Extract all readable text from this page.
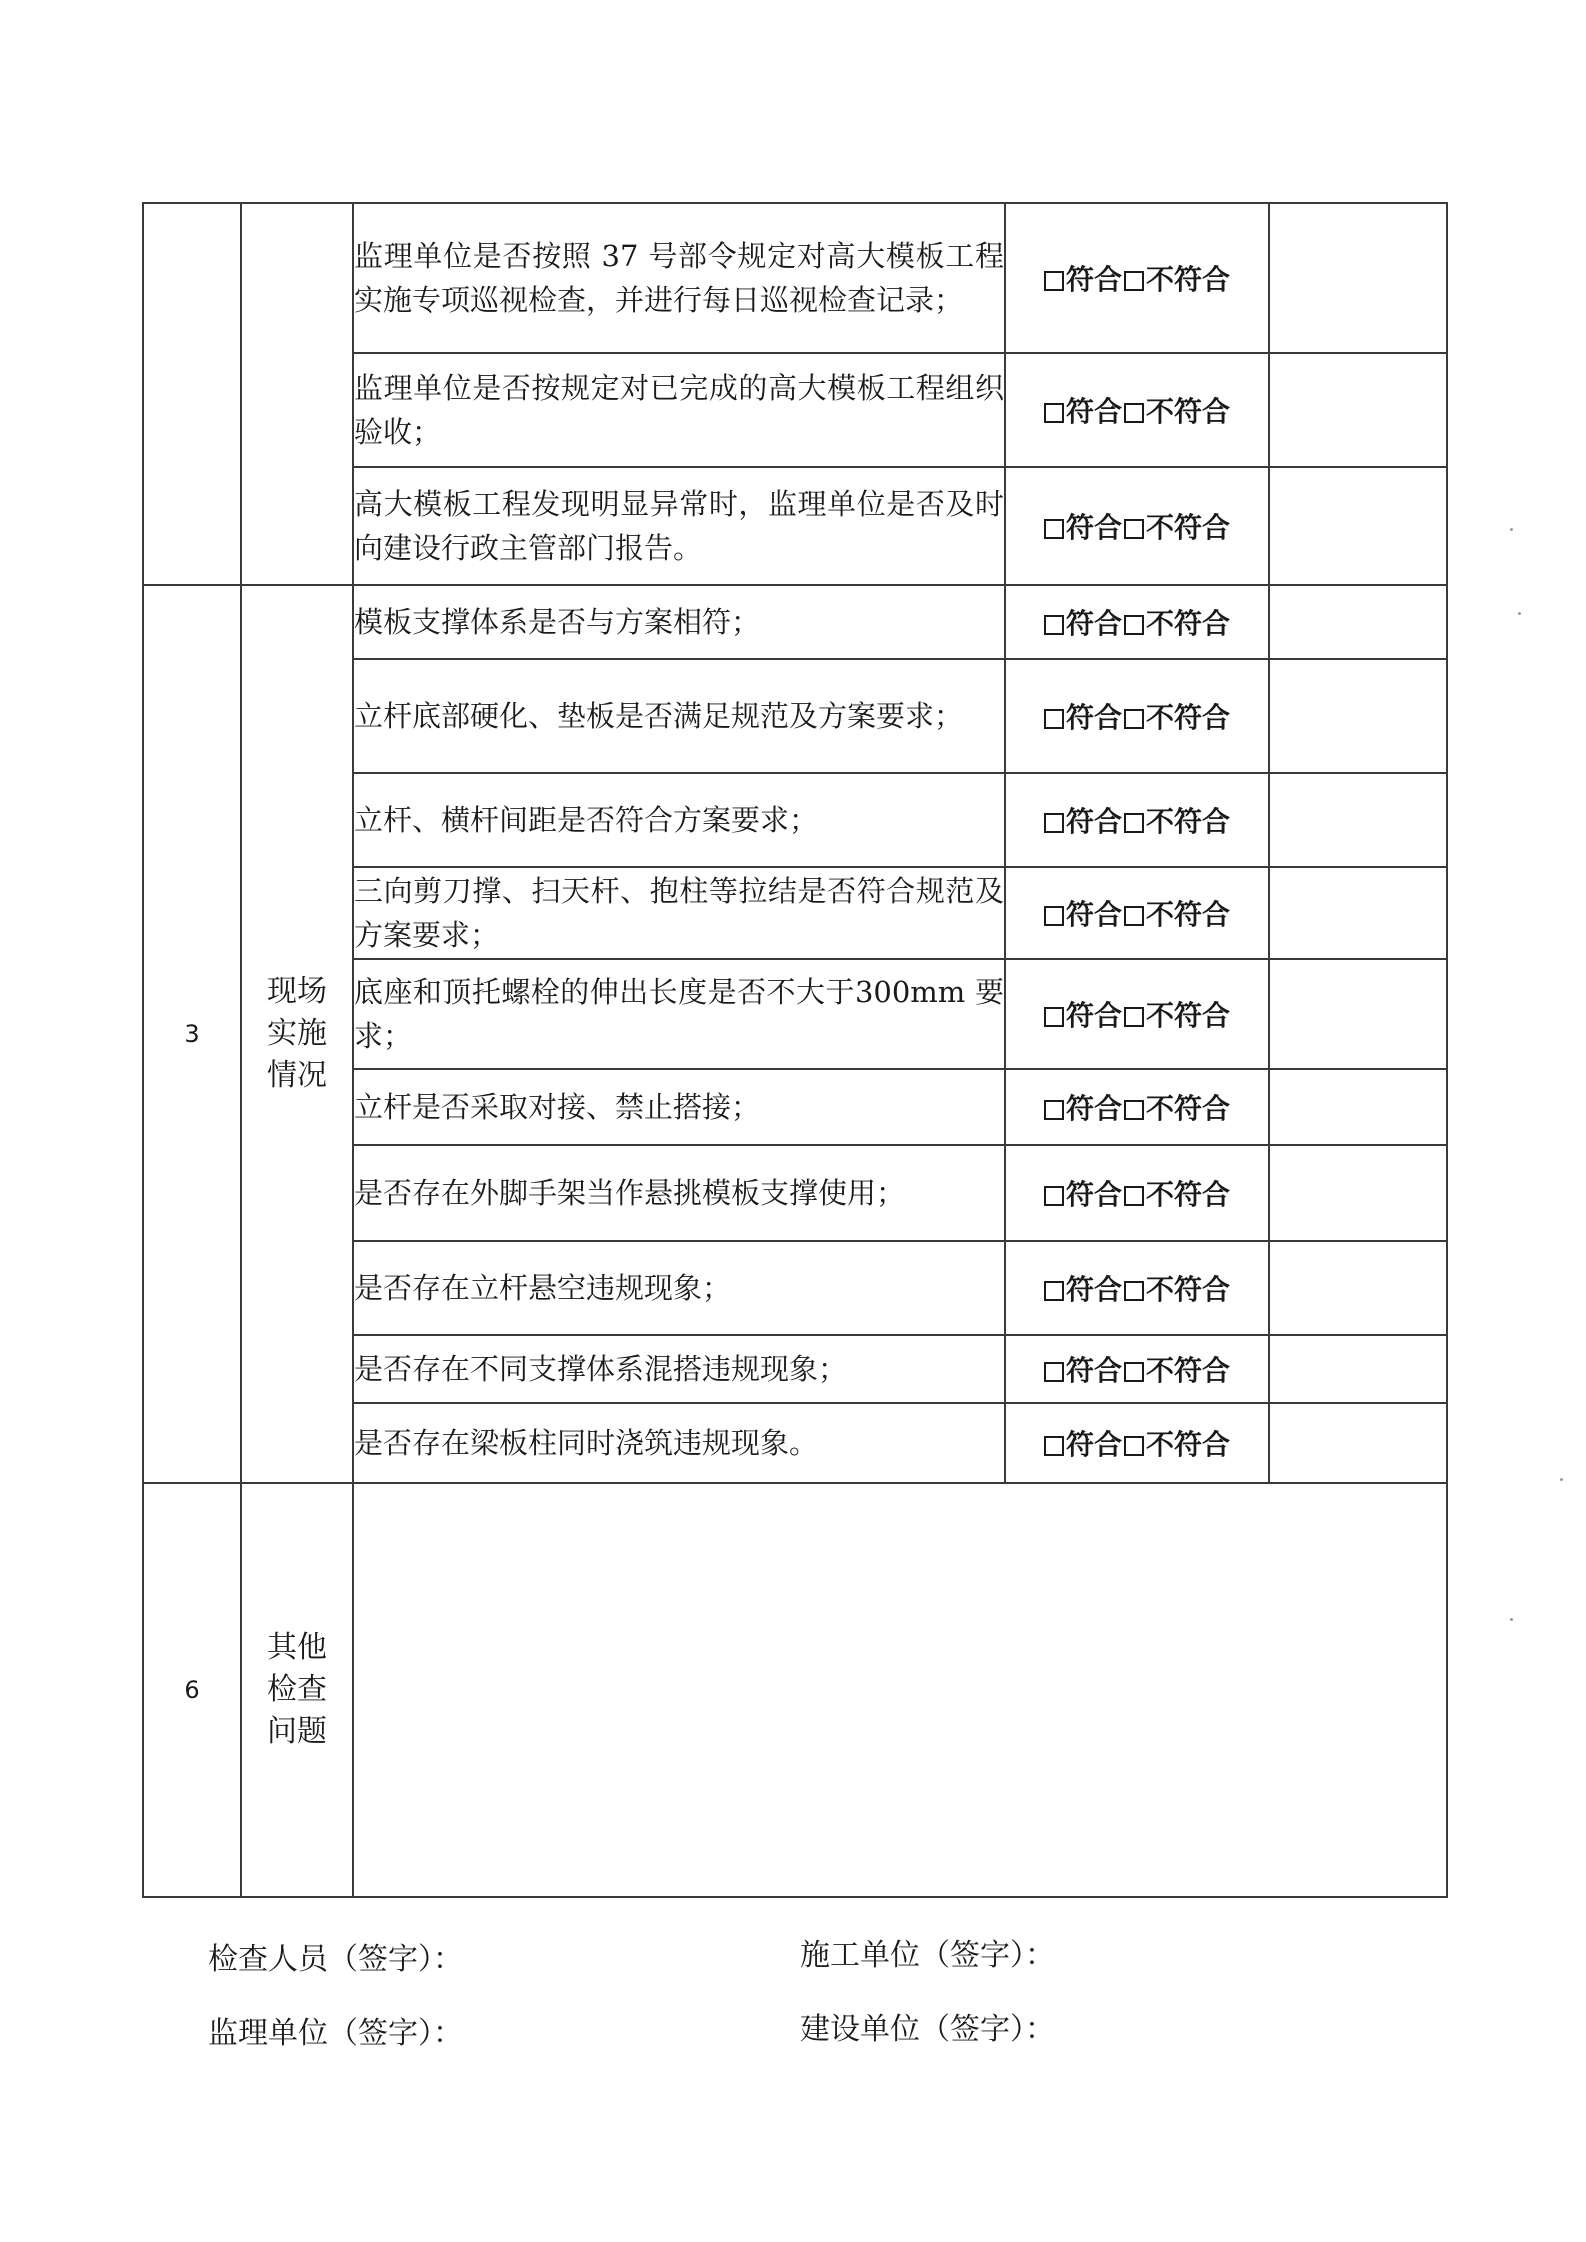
		监理单位是否按照 37 号部令规定对高大模板工程实施专项巡视检查，并进行每日巡视检查记录；	符合 不符合	
		监理单位是否按规定对已完成的高大模板工程组织验收；	符合 不符合	
		高大模板工程发现明显异常时，监理单位是否及时向建设行政主管部门报告。	符合 不符合	
3	现场实施情况	模板支撑体系是否与方案相符；	符合 不符合	
		立杆底部硬化、垫板是否满足规范及方案要求；	符合 不符合	
		立杆、横杆间距是否符合方案要求；	符合 不符合	
		三向剪刀撑、扫天杆、抱柱等拉结是否符合规范及方案要求；	符合 不符合	
		底座和顶托螺栓的伸出长度是否不大于300mm 要求；	符合 不符合	
		立杆是否采取对接、禁止搭接；	符合 不符合	
		是否存在外脚手架当作悬挑模板支撑使用；	符合 不符合	
		是否存在立杆悬空违规现象；	符合 不符合	
		是否存在不同支撑体系混搭违规现象；	符合 不符合	
		是否存在梁板柱同时浇筑违规现象。	符合 不符合	
6	其他检查问题			
检查人员（签字）：	施工单位（签字）：
监理单位（签字）：	建设单位（签字）：
